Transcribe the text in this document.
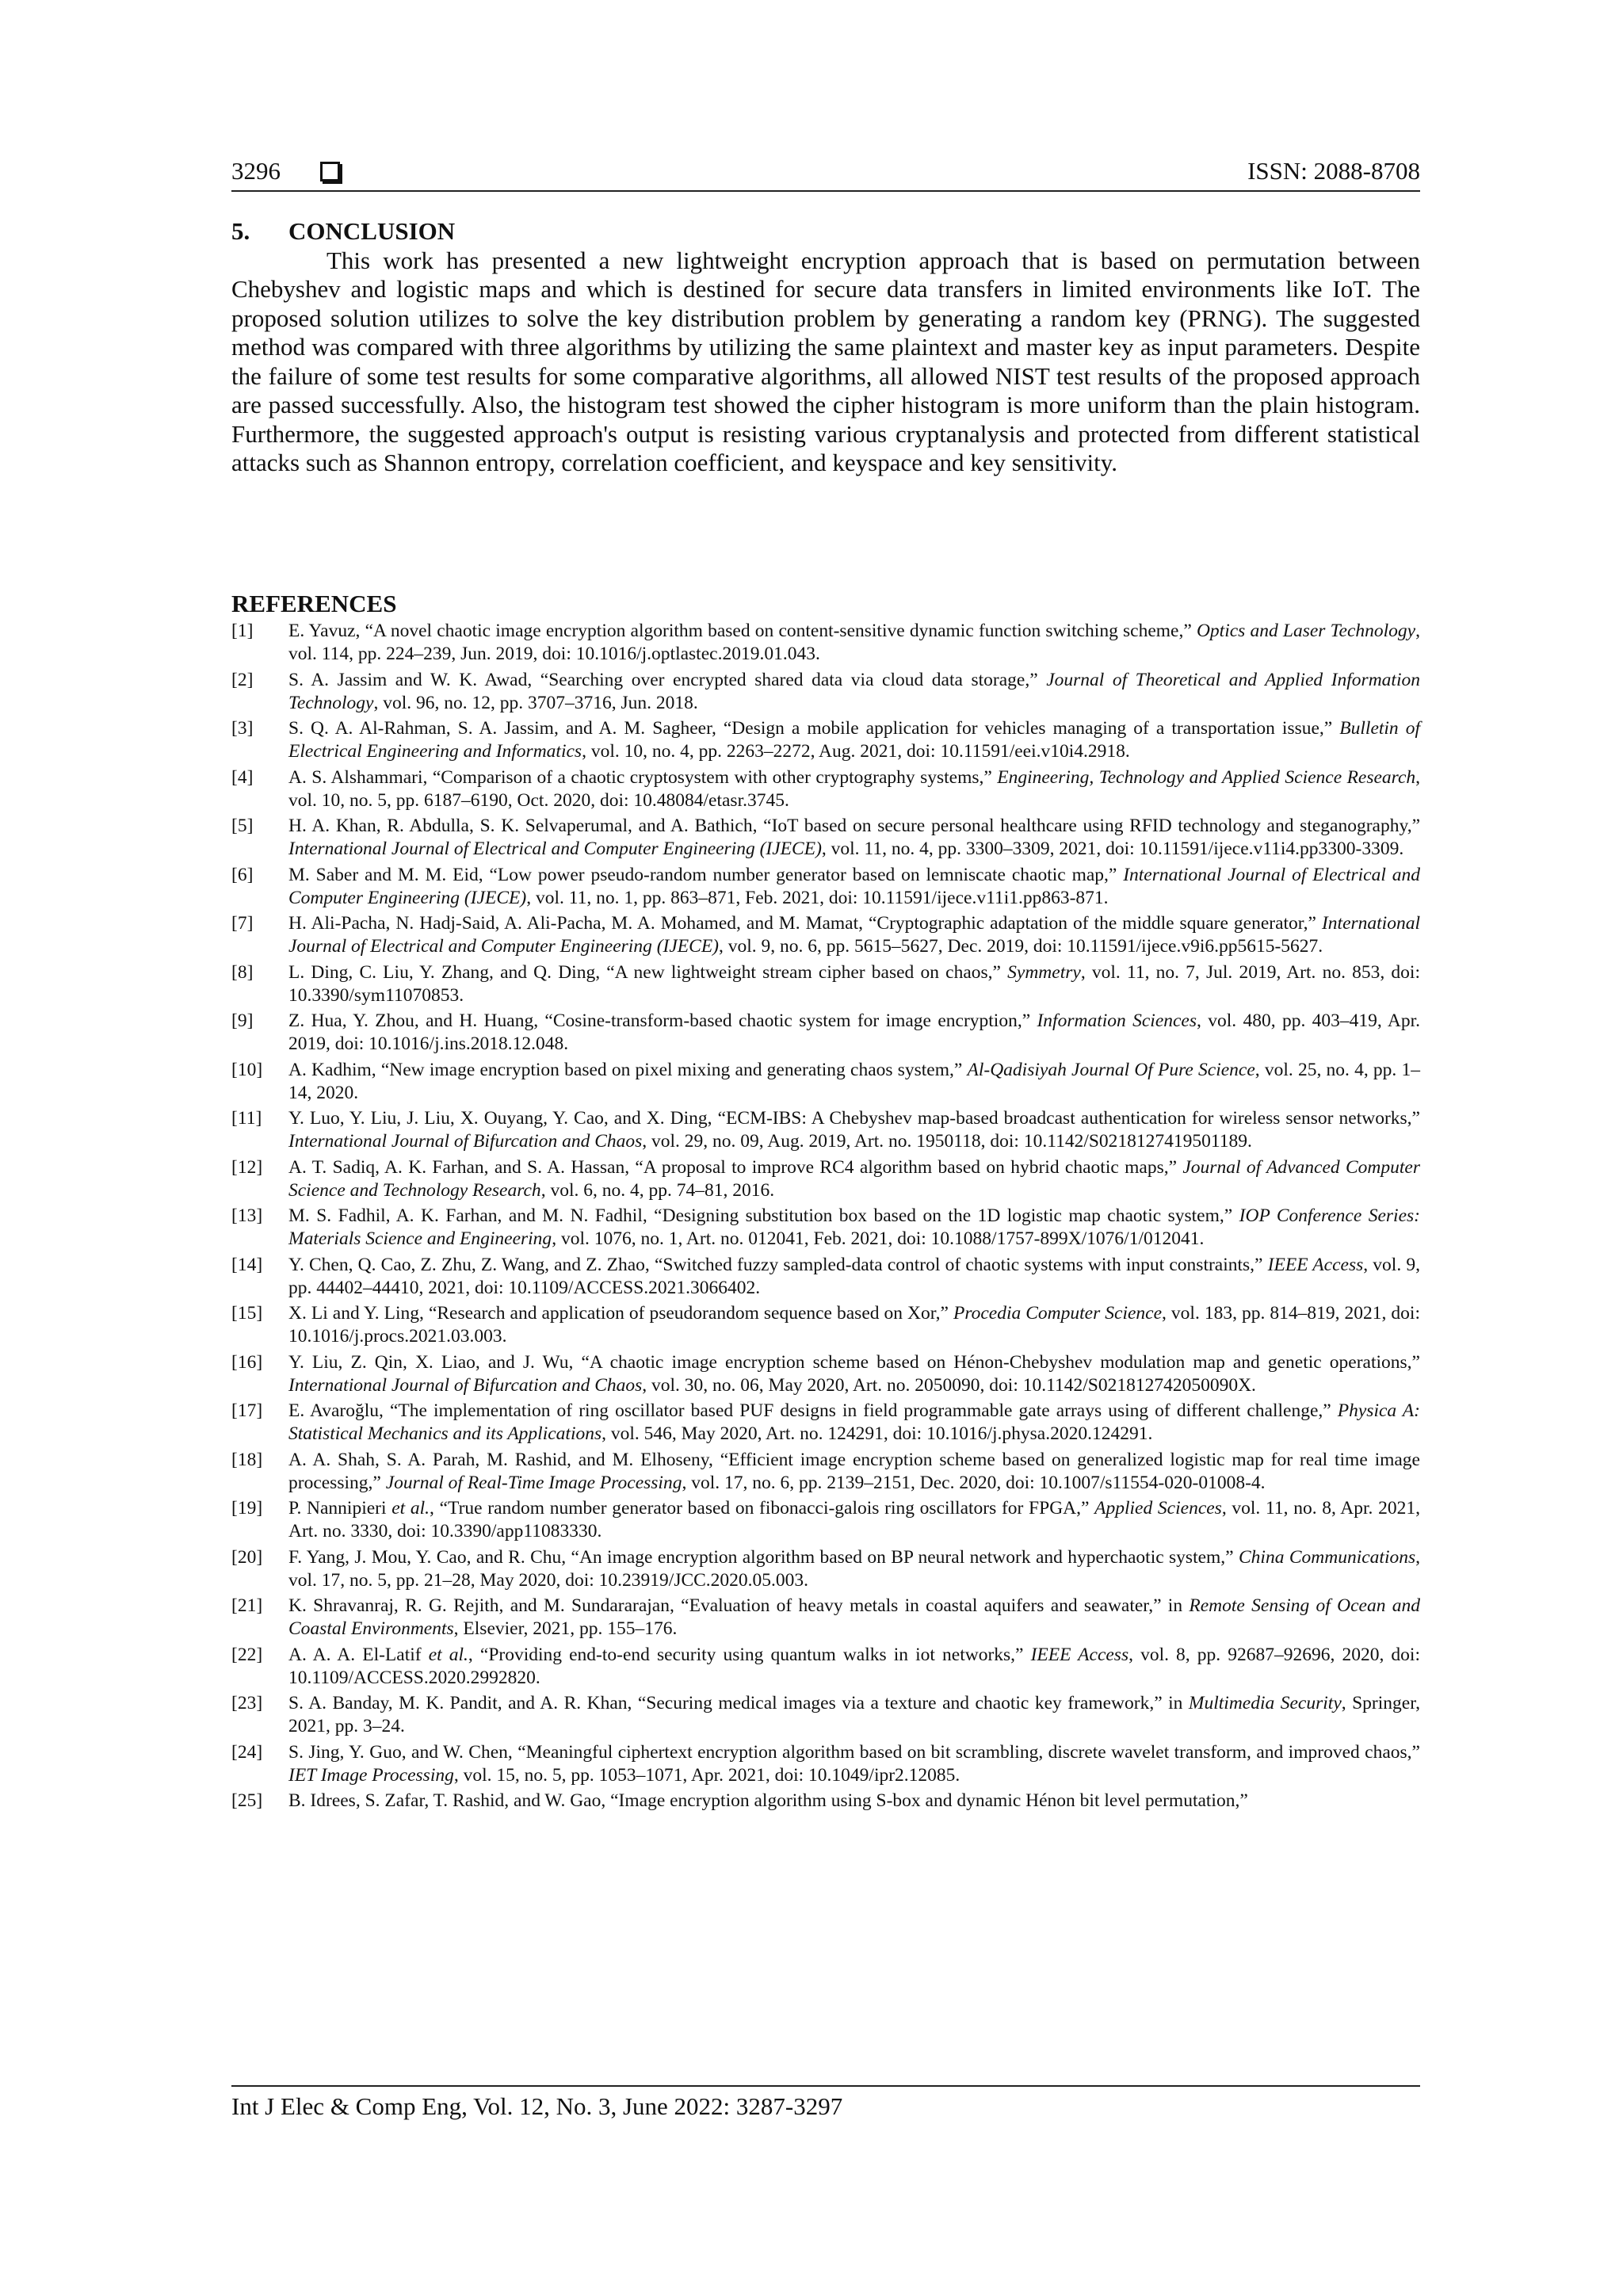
3296	ISSN: 2088-8708

5. CONCLUSION

This work has presented a new lightweight encryption approach that is based on permutation between Chebyshev and logistic maps and which is destined for secure data transfers in limited environments like IoT. The proposed solution utilizes to solve the key distribution problem by generating a random key (PRNG). The suggested method was compared with three algorithms by utilizing the same plaintext and master key as input parameters. Despite the failure of some test results for some comparative algorithms, all allowed NIST test results of the proposed approach are passed successfully. Also, the histogram test showed the cipher histogram is more uniform than the plain histogram. Furthermore, the suggested approach's output is resisting various cryptanalysis and protected from different statistical attacks such as Shannon entropy, correlation coefficient, and keyspace and key sensitivity.

REFERENCES

[1] E. Yavuz, “A novel chaotic image encryption algorithm based on content-sensitive dynamic function switching scheme,” Optics and Laser Technology, vol. 114, pp. 224–239, Jun. 2019, doi: 10.1016/j.optlastec.2019.01.043.
[2] S. A. Jassim and W. K. Awad, “Searching over encrypted shared data via cloud data storage,” Journal of Theoretical and Applied Information Technology, vol. 96, no. 12, pp. 3707–3716, Jun. 2018.
[3] S. Q. A. Al-Rahman, S. A. Jassim, and A. M. Sagheer, “Design a mobile application for vehicles managing of a transportation issue,” Bulletin of Electrical Engineering and Informatics, vol. 10, no. 4, pp. 2263–2272, Aug. 2021, doi: 10.11591/eei.v10i4.2918.
[4] A. S. Alshammari, “Comparison of a chaotic cryptosystem with other cryptography systems,” Engineering, Technology and Applied Science Research, vol. 10, no. 5, pp. 6187–6190, Oct. 2020, doi: 10.48084/etasr.3745.
[5] H. A. Khan, R. Abdulla, S. K. Selvaperumal, and A. Bathich, “IoT based on secure personal healthcare using RFID technology and steganography,” International Journal of Electrical and Computer Engineering (IJECE), vol. 11, no. 4, pp. 3300–3309, 2021, doi: 10.11591/ijece.v11i4.pp3300-3309.
[6] M. Saber and M. M. Eid, “Low power pseudo-random number generator based on lemniscate chaotic map,” International Journal of Electrical and Computer Engineering (IJECE), vol. 11, no. 1, pp. 863–871, Feb. 2021, doi: 10.11591/ijece.v11i1.pp863-871.
[7] H. Ali-Pacha, N. Hadj-Said, A. Ali-Pacha, M. A. Mohamed, and M. Mamat, “Cryptographic adaptation of the middle square generator,” International Journal of Electrical and Computer Engineering (IJECE), vol. 9, no. 6, pp. 5615–5627, Dec. 2019, doi: 10.11591/ijece.v9i6.pp5615-5627.
[8] L. Ding, C. Liu, Y. Zhang, and Q. Ding, “A new lightweight stream cipher based on chaos,” Symmetry, vol. 11, no. 7, Jul. 2019, Art. no. 853, doi: 10.3390/sym11070853.
[9] Z. Hua, Y. Zhou, and H. Huang, “Cosine-transform-based chaotic system for image encryption,” Information Sciences, vol. 480, pp. 403–419, Apr. 2019, doi: 10.1016/j.ins.2018.12.048.
[10] A. Kadhim, “New image encryption based on pixel mixing and generating chaos system,” Al-Qadisiyah Journal Of Pure Science, vol. 25, no. 4, pp. 1–14, 2020.
[11] Y. Luo, Y. Liu, J. Liu, X. Ouyang, Y. Cao, and X. Ding, “ECM-IBS: A Chebyshev map-based broadcast authentication for wireless sensor networks,” International Journal of Bifurcation and Chaos, vol. 29, no. 09, Aug. 2019, Art. no. 1950118, doi: 10.1142/S0218127419501189.
[12] A. T. Sadiq, A. K. Farhan, and S. A. Hassan, “A proposal to improve RC4 algorithm based on hybrid chaotic maps,” Journal of Advanced Computer Science and Technology Research, vol. 6, no. 4, pp. 74–81, 2016.
[13] M. S. Fadhil, A. K. Farhan, and M. N. Fadhil, “Designing substitution box based on the 1D logistic map chaotic system,” IOP Conference Series: Materials Science and Engineering, vol. 1076, no. 1, Art. no. 012041, Feb. 2021, doi: 10.1088/1757-899X/1076/1/012041.
[14] Y. Chen, Q. Cao, Z. Zhu, Z. Wang, and Z. Zhao, “Switched fuzzy sampled-data control of chaotic systems with input constraints,” IEEE Access, vol. 9, pp. 44402–44410, 2021, doi: 10.1109/ACCESS.2021.3066402.
[15] X. Li and Y. Ling, “Research and application of pseudorandom sequence based on Xor,” Procedia Computer Science, vol. 183, pp. 814–819, 2021, doi: 10.1016/j.procs.2021.03.003.
[16] Y. Liu, Z. Qin, X. Liao, and J. Wu, “A chaotic image encryption scheme based on Hénon-Chebyshev modulation map and genetic operations,” International Journal of Bifurcation and Chaos, vol. 30, no. 06, May 2020, Art. no. 2050090, doi: 10.1142/S021812742050090X.
[17] E. Avaroğlu, “The implementation of ring oscillator based PUF designs in field programmable gate arrays using of different challenge,” Physica A: Statistical Mechanics and its Applications, vol. 546, May 2020, Art. no. 124291, doi: 10.1016/j.physa.2020.124291.
[18] A. A. Shah, S. A. Parah, M. Rashid, and M. Elhoseny, “Efficient image encryption scheme based on generalized logistic map for real time image processing,” Journal of Real-Time Image Processing, vol. 17, no. 6, pp. 2139–2151, Dec. 2020, doi: 10.1007/s11554-020-01008-4.
[19] P. Nannipieri et al., “True random number generator based on fibonacci-galois ring oscillators for FPGA,” Applied Sciences, vol. 11, no. 8, Apr. 2021, Art. no. 3330, doi: 10.3390/app11083330.
[20] F. Yang, J. Mou, Y. Cao, and R. Chu, “An image encryption algorithm based on BP neural network and hyperchaotic system,” China Communications, vol. 17, no. 5, pp. 21–28, May 2020, doi: 10.23919/JCC.2020.05.003.
[21] K. Shravanraj, R. G. Rejith, and M. Sundararajan, “Evaluation of heavy metals in coastal aquifers and seawater,” in Remote Sensing of Ocean and Coastal Environments, Elsevier, 2021, pp. 155–176.
[22] A. A. A. El-Latif et al., “Providing end-to-end security using quantum walks in iot networks,” IEEE Access, vol. 8, pp. 92687–92696, 2020, doi: 10.1109/ACCESS.2020.2992820.
[23] S. A. Banday, M. K. Pandit, and A. R. Khan, “Securing medical images via a texture and chaotic key framework,” in Multimedia Security, Springer, 2021, pp. 3–24.
[24] S. Jing, Y. Guo, and W. Chen, “Meaningful ciphertext encryption algorithm based on bit scrambling, discrete wavelet transform, and improved chaos,” IET Image Processing, vol. 15, no. 5, pp. 1053–1071, Apr. 2021, doi: 10.1049/ipr2.12085.
[25] B. Idrees, S. Zafar, T. Rashid, and W. Gao, “Image encryption algorithm using S-box and dynamic Hénon bit level permutation,”
Int J Elec & Comp Eng, Vol. 12, No. 3, June 2022: 3287-3297
